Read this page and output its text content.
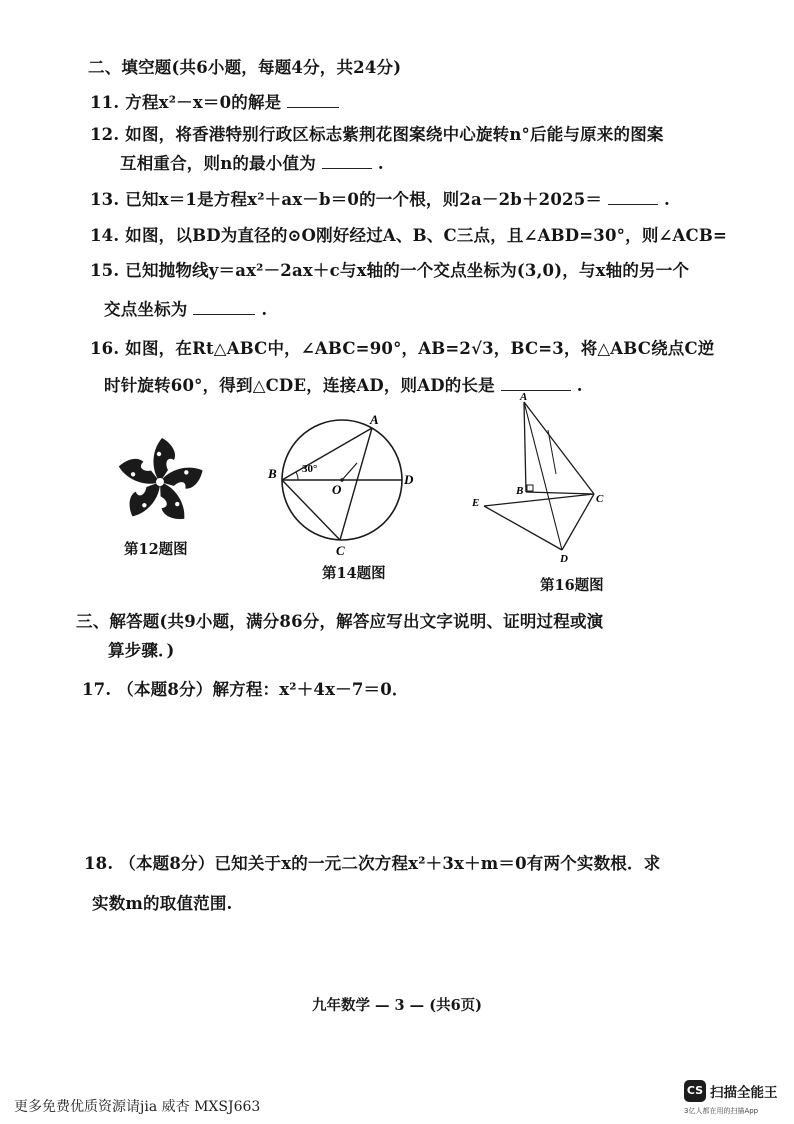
二、填空题(共6小题，每题4分，共24分)
11. 方程x²－x＝0的解是
12. 如图，将香港特别行政区标志紫荆花图案绕中心旋转n°后能与原来的图案
互相重合，则n的最小值为	.
13. 已知x＝1是方程x²＋ax－b＝0的一个根，则2a－2b＋2025＝	.
14. 如图，以BD为直径的⊙O刚好经过A、B、C三点，且∠ABD=30°，则∠ACB=
15. 已知抛物线y＝ax²－2ax＋c与x轴的一个交点坐标为(3,0)，与x轴的另一个
交点坐标为	.
16. 如图，在Rt△ABC中，∠ABC=90°，AB=2√3，BC=3，将△ABC绕点C逆
时针旋转60°，得到△CDE，连接AD，则AD的长是	.
第12题图
A
B
C
D
O
30°
第14题图
A
B
C
D
E
第16题图
三、解答题(共9小题，满分86分，解答应写出文字说明、证明过程或演
算步骤．)
17. （本题8分）解方程：x²＋4x－7＝0．
18. （本题8分）已知关于x的一元二次方程x²＋3x＋m＝0有两个实数根．求
实数m的取值范围.
九年数学 — 3 — (共6页)
更多免费优质资源请jia 威杏 MXSJ663
CS 扫描全能王
3亿人都在用的扫描App
